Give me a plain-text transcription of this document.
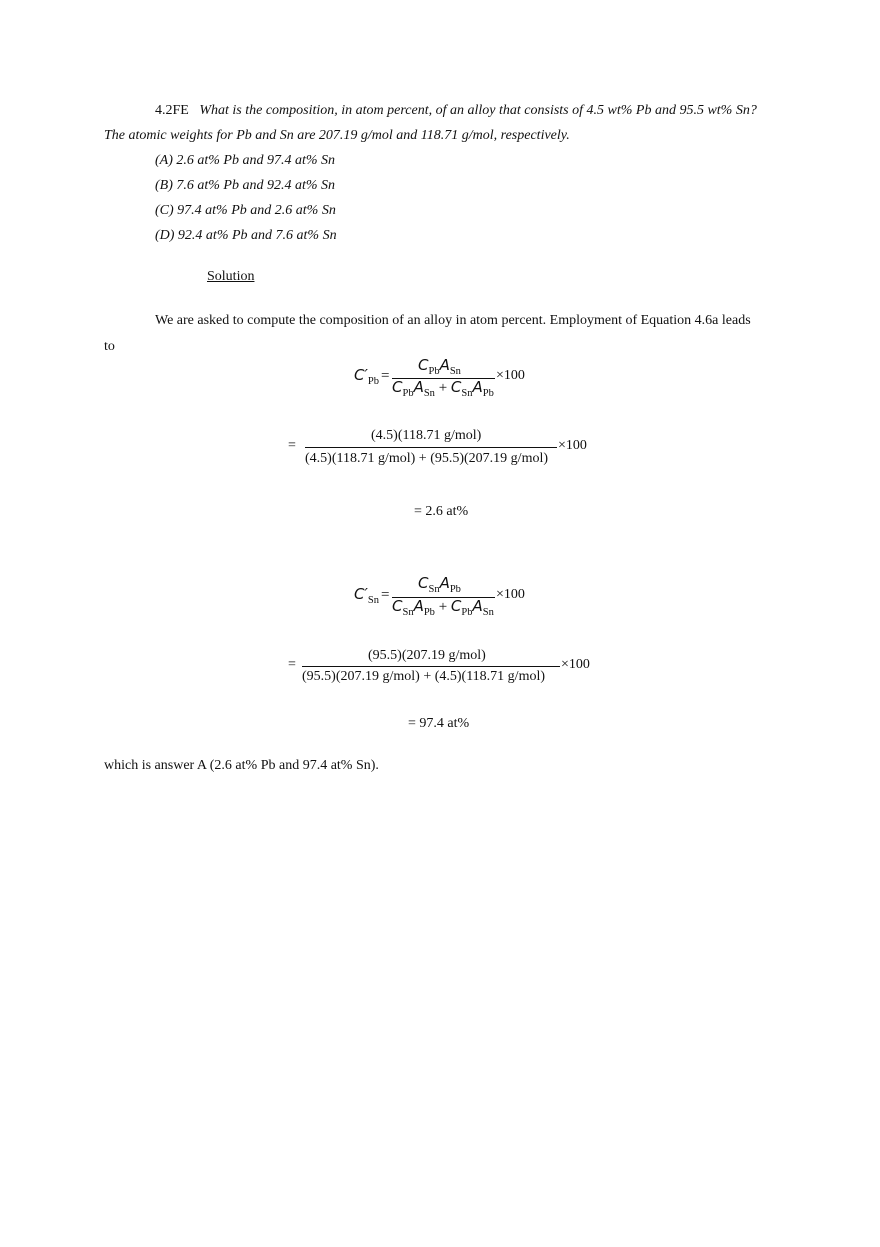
4.2FE What is the composition, in atom percent, of an alloy that consists of 4.5 wt% Pb and 95.5 wt% Sn?
The atomic weights for Pb and Sn are 207.19 g/mol and 118.71 g/mol, respectively.
(A) 2.6 at% Pb and 97.4 at% Sn
(B) 7.6 at% Pb and 92.4 at% Sn
(C) 97.4 at% Pb and 2.6 at% Sn
(D) 92.4 at% Pb and 7.6 at% Sn
Solution
We are asked to compute the composition of an alloy in atom percent. Employment of Equation 4.6a leads
to
$C'_{Pb}$ =
$C_{Pb}A_{Sn}$
$C_{Pb}A_{Sn} + C_{Sn}A_{Pb}$
×100
=
(4.5)(118.71 g/mol)
(4.5)(118.71 g/mol) + (95.5)(207.19 g/mol)
×100
= 2.6 at%
$C'_{Sn}$ =
$C_{Sn}A_{Pb}$
$C_{Sn}A_{Pb} + C_{Pb}A_{Sn}$
×100
=
(95.5)(207.19 g/mol)
(95.5)(207.19 g/mol) + (4.5)(118.71 g/mol)
×100
= 97.4 at%
which is answer A (2.6 at% Pb and 97.4 at% Sn).
